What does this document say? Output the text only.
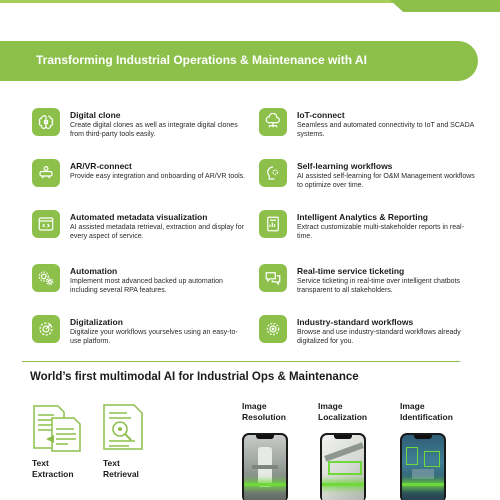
Transforming Industrial Operations & Maintenance with AI
Digital clone
Create digital clones as well as integrate digital clones from third-party tools easily.
AR/VR-connect
Provide easy integration and onboarding of AR/VR tools.
Automated metadata visualization
AI assisted metadata retrieval, extraction and display for every aspect of service.
Automation
Implement most advanced backed up automation including several RPA features.
Digitalization
Digitalize your workflows yourselves using an easy-to-use platform.
IoT-connect
Seamless and automated connectivity to IoT and SCADA systems.
Self-learning workflows
AI assisted self-learning for O&M Management workflows to optimize over time.
Intelligent Analytics & Reporting
Extract customizable multi-stakeholder reports in real-time.
Real-time service ticketing
Service ticketing in real-time over intelligent chatbots transparent to all stakeholders.
Industry-standard workflows
Browse and use industry-standard workflows already digitalized for you.
World’s first multimodal AI for Industrial Ops & Maintenance
Text
Extraction
Text
Retrieval
Image
Resolution
Image
Localization
Image
Identification
